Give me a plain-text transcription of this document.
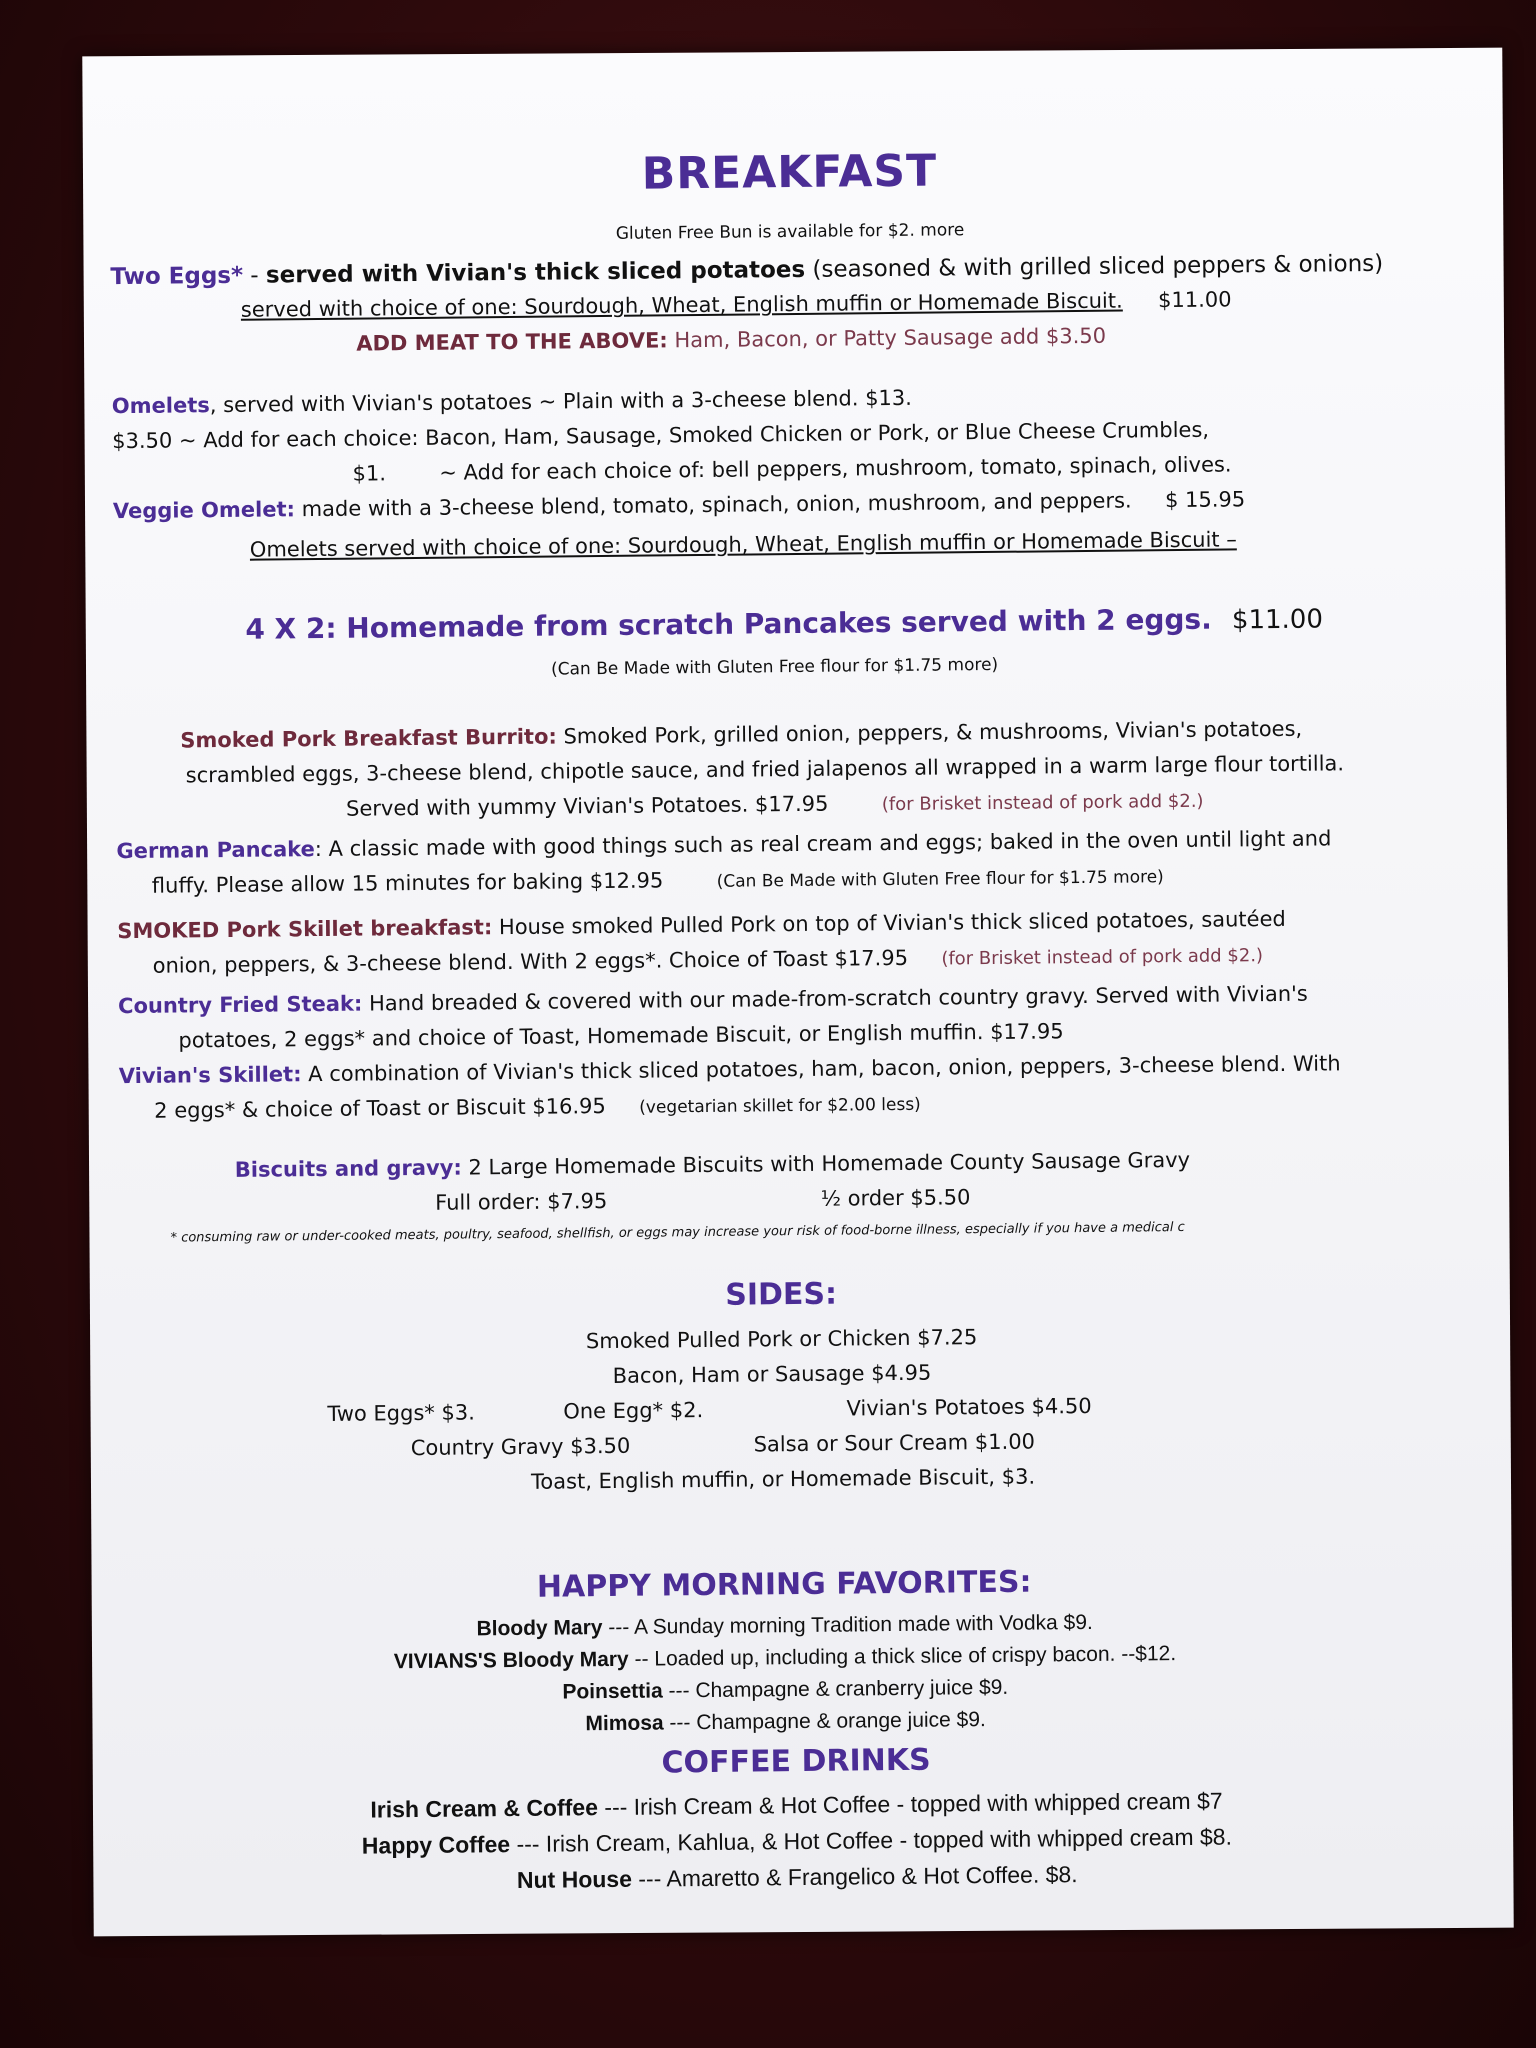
BREAKFAST
Gluten Free Bun is available for $2. more
Two Eggs* - served with Vivian's thick sliced potatoes (seasoned & with grilled sliced peppers & onions)
served with choice of one: Sourdough, Wheat, English muffin or Homemade Biscuit. $11.00
ADD MEAT TO THE ABOVE: Ham, Bacon, or Patty Sausage add $3.50
Omelets, served with Vivian's potatoes ~ Plain with a 3-cheese blend. $13.
$3.50 ~ Add for each choice: Bacon, Ham, Sausage, Smoked Chicken or Pork, or Blue Cheese Crumbles,
$1.	~ Add for each choice of: bell peppers, mushroom, tomato, spinach, olives.
Veggie Omelet: made with a 3-cheese blend, tomato, spinach, onion, mushroom, and peppers. $ 15.95
Omelets served with choice of one: Sourdough, Wheat, English muffin or Homemade Biscuit –
4 X 2: Homemade from scratch Pancakes served with 2 eggs. $11.00
(Can Be Made with Gluten Free flour for $1.75 more)
Smoked Pork Breakfast Burrito: Smoked Pork, grilled onion, peppers, & mushrooms, Vivian's potatoes,
scrambled eggs, 3-cheese blend, chipotle sauce, and fried jalapenos all wrapped in a warm large flour tortilla.
Served with yummy Vivian's Potatoes. $17.95	(for Brisket instead of pork add $2.)
German Pancake: A classic made with good things such as real cream and eggs; baked in the oven until light and
fluffy. Please allow 15 minutes for baking $12.95	(Can Be Made with Gluten Free flour for $1.75 more)
SMOKED Pork Skillet breakfast: House smoked Pulled Pork on top of Vivian's thick sliced potatoes, sautéed
onion, peppers, & 3-cheese blend. With 2 eggs*. Choice of Toast $17.95 (for Brisket instead of pork add $2.)
Country Fried Steak: Hand breaded & covered with our made-from-scratch country gravy. Served with Vivian's
potatoes, 2 eggs* and choice of Toast, Homemade Biscuit, or English muffin. $17.95
Vivian's Skillet: A combination of Vivian's thick sliced potatoes, ham, bacon, onion, peppers, 3-cheese blend. With
2 eggs* & choice of Toast or Biscuit $16.95 (vegetarian skillet for $2.00 less)
Biscuits and gravy: 2 Large Homemade Biscuits with Homemade County Sausage Gravy
Full order: $7.95	½ order $5.50
* consuming raw or under-cooked meats, poultry, seafood, shellfish, or eggs may increase your risk of food-borne illness, especially if you have a medical c
SIDES:
Smoked Pulled Pork or Chicken $7.25
Bacon, Ham or Sausage $4.95
Two Eggs* $3.	One Egg* $2.	Vivian's Potatoes $4.50
Country Gravy $3.50	Salsa or Sour Cream $1.00
Toast, English muffin, or Homemade Biscuit, $3.
HAPPY MORNING FAVORITES:
Bloody Mary --- A Sunday morning Tradition made with Vodka $9.
VIVIANS'S Bloody Mary -- Loaded up, including a thick slice of crispy bacon. --$12.
Poinsettia --- Champagne & cranberry juice $9.
Mimosa --- Champagne & orange juice $9.
COFFEE DRINKS
Irish Cream & Coffee --- Irish Cream & Hot Coffee - topped with whipped cream $7
Happy Coffee --- Irish Cream, Kahlua, & Hot Coffee - topped with whipped cream $8.
Nut House --- Amaretto & Frangelico & Hot Coffee. $8.
